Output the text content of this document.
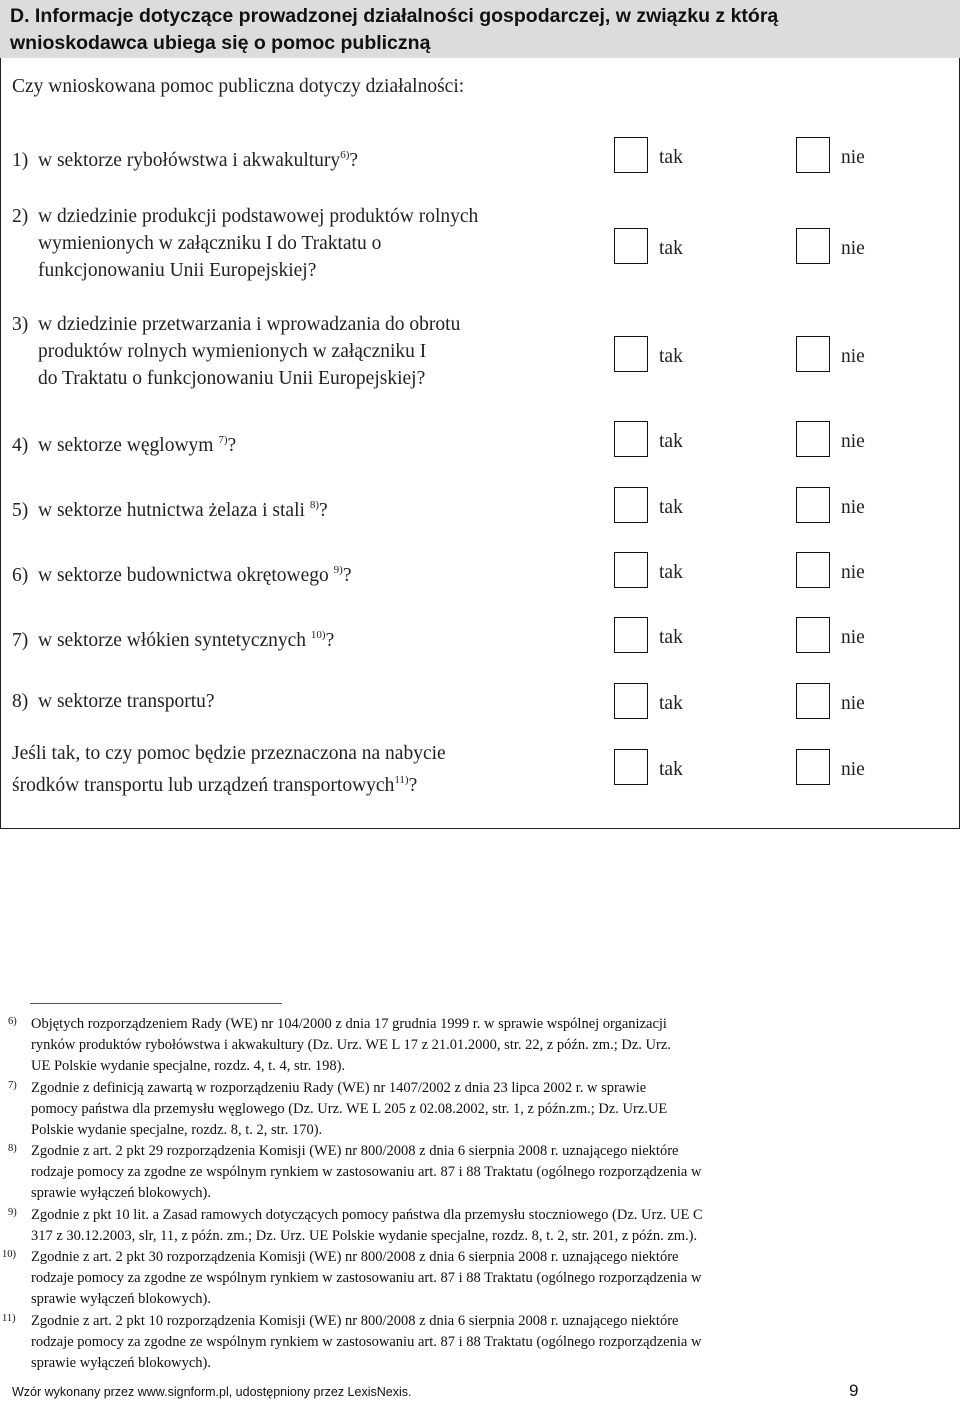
D. Informacje dotyczące prowadzonej działalności gospodarczej, w związku z którą
wnioskodawca ubiega się o pomoc publiczną
Czy wnioskowana pomoc publiczna dotyczy działalności:
1) w sektorze rybołówstwa i akwakultury$^{6)}$?	tak	nie
2) w dziedzinie produkcji podstawowej produktów rolnych
wymienionych w załączniku I do Traktatu o
funkcjonowaniu Unii Europejskiej?
tak	nie
3) w dziedzinie przetwarzania i wprowadzania do obrotu
produktów rolnych wymienionych w załączniku I
do Traktatu o funkcjonowaniu Unii Europejskiej?
tak	nie
4) w sektorze węglowym $^{7)}$?	tak	nie
5) w sektorze hutnictwa żelaza i stali $^{8)}$?	tak	nie
6) w sektorze budownictwa okrętowego $^{9)}$?	tak	nie
7) w sektorze włókien syntetycznych $^{10)}$?	tak	nie
8) w sektorze transportu?	tak	nie
Jeśli tak, to czy pomoc będzie przeznaczona na nabycie
środków transportu lub urządzeń transportowych$^{11)}$?
tak	nie
6) Objętych rozporządzeniem Rady (WE) nr 104/2000 z dnia 17 grudnia 1999 r. w sprawie wspólnej organizacji
rynków produktów rybołówstwa i akwakultury (Dz. Urz. WE L 17 z 21.01.2000, str. 22, z późn. zm.; Dz. Urz.
UE Polskie wydanie specjalne, rozdz. 4, t. 4, str. 198).
7) Zgodnie z definicją zawartą w rozporządzeniu Rady (WE) nr 1407/2002 z dnia 23 lipca 2002 r. w sprawie
pomocy państwa dla przemysłu węglowego (Dz. Urz. WE L 205 z 02.08.2002, str. 1, z późn.zm.; Dz. Urz.UE
Polskie wydanie specjalne, rozdz. 8, t. 2, str. 170).
8) Zgodnie z art. 2 pkt 29 rozporządzenia Komisji (WE) nr 800/2008 z dnia 6 sierpnia 2008 r. uznającego niektóre
rodzaje pomocy za zgodne ze wspólnym rynkiem w zastosowaniu art. 87 i 88 Traktatu (ogólnego rozporządzenia w
sprawie wyłączeń blokowych).
9) Zgodnie z pkt 10 lit. a Zasad ramowych dotyczących pomocy państwa dla przemysłu stoczniowego (Dz. Urz. UE C
317 z 30.12.2003, slr, 11, z późn. zm.; Dz. Urz. UE Polskie wydanie specjalne, rozdz. 8, t. 2, str. 201, z późn. zm.).
10) Zgodnie z art. 2 pkt 30 rozporządzenia Komisji (WE) nr 800/2008 z dnia 6 sierpnia 2008 r. uznającego niektóre
rodzaje pomocy za zgodne ze wspólnym rynkiem w zastosowaniu art. 87 i 88 Traktatu (ogólnego rozporządzenia w
sprawie wyłączeń blokowych).
11) Zgodnie z art. 2 pkt 10 rozporządzenia Komisji (WE) nr 800/2008 z dnia 6 sierpnia 2008 r. uznającego niektóre
rodzaje pomocy za zgodne ze wspólnym rynkiem w zastosowaniu art. 87 i 88 Traktatu (ogólnego rozporządzenia w
sprawie wyłączeń blokowych).
Wzór wykonany przez www.signform.pl, udostępniony przez LexisNexis.	9
